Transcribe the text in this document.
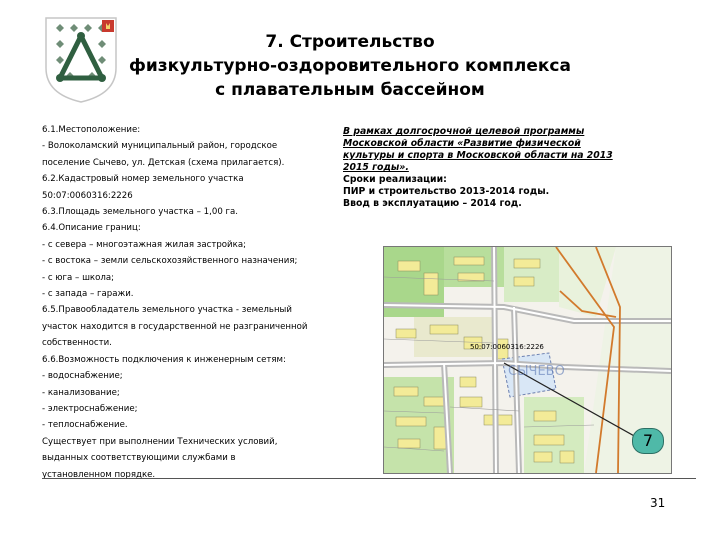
7. Строительство
физкультурно-оздоровительного комплекса
с плавательным бассейном
6.1.Местоположение:
- Волоколамский муниципальный район, городское
поселение Сычево, ул. Детская (схема прилагается).
6.2.Кадастровый номер земельного участка
50:07:0060316:2226
6.3.Площадь земельного участка – 1,00 га.
6.4.Описание границ:
- с севера – многоэтажная жилая застройка;
- с востока – земли сельскохозяйственного назначения;
- с юга – школа;
- с запада – гаражи.
6.5.Правообладатель земельного участка - земельный
участок находится в государственной не разграниченной
собственности.
6.6.Возможность подключения к инженерным сетям:
- водоснабжение;
- канализование;
- электроснабжение;
- теплоснабжение.
Существует при выполнении Технических условий,
выданных соответствующими службами в
установленном порядке.
В рамках долгосрочной целевой программы
Московской области «Развитие физической
культуры и спорта в Московской области на 2013
2015 годы».
Сроки реализации:
ПИР и строительство 2013-2014 годы.
Ввод в эксплуатацию – 2014 год.
СЫЧЕВО
50:07:0060316:2226
7
31
